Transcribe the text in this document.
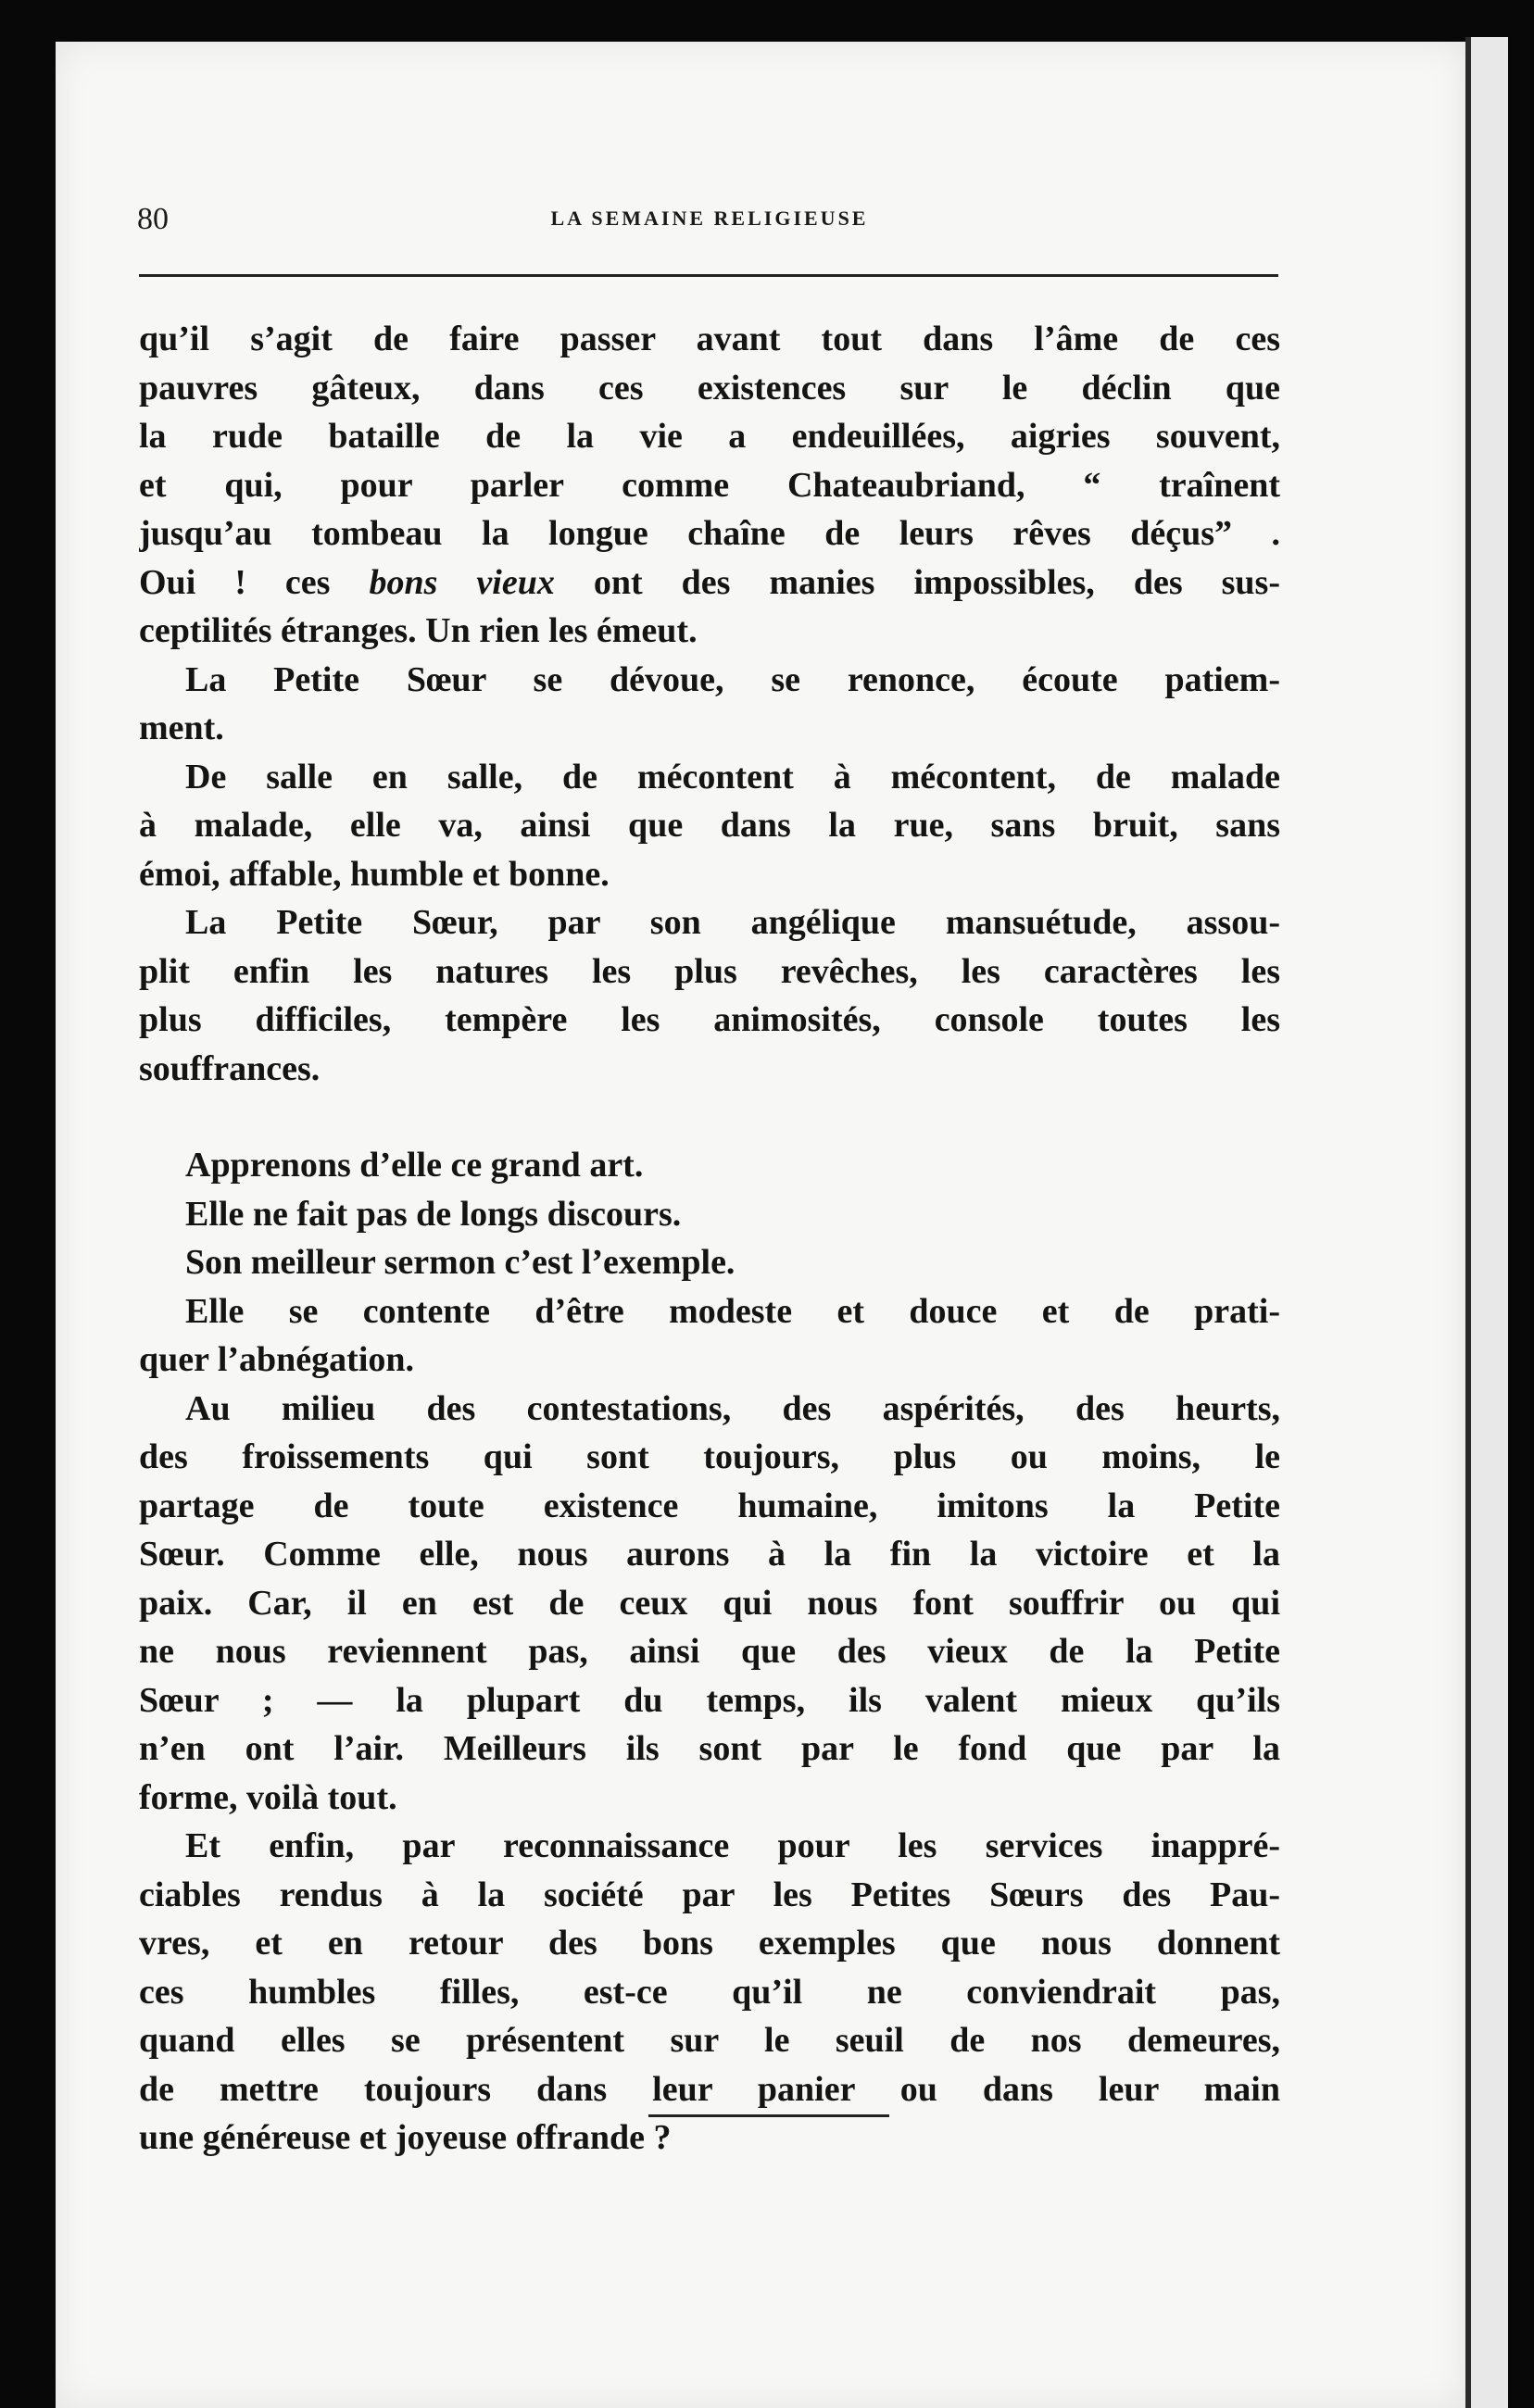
80	LA SEMAINE RELIGIEUSE
qu’il s’agit de faire passer avant tout dans l’âme de ces
pauvres gâteux, dans ces existences sur le déclin que
la rude bataille de la vie a endeuillées, aigries souvent,
et qui, pour parler comme Chateaubriand, “ traînent
jusqu’au tombeau la longue chaîne de leurs rêves déçus” .
Oui ! ces bons vieux ont des manies impossibles, des sus-
ceptilités étranges. Un rien les émeut.
La Petite Sœur se dévoue, se renonce, écoute patiem-
ment.
De salle en salle, de mécontent à mécontent, de malade
à malade, elle va, ainsi que dans la rue, sans bruit, sans
émoi, affable, humble et bonne.
La Petite Sœur, par son angélique mansuétude, assou-
plit enfin les natures les plus revêches, les caractères les
plus difficiles, tempère les animosités, console toutes les
souffrances.
Apprenons d’elle ce grand art.
Elle ne fait pas de longs discours.
Son meilleur sermon c’est l’exemple.
Elle se contente d’être modeste et douce et de prati-
quer l’abnégation.
Au milieu des contestations, des aspérités, des heurts,
des froissements qui sont toujours, plus ou moins, le
partage de toute existence humaine, imitons la Petite
Sœur. Comme elle, nous aurons à la fin la victoire et la
paix. Car, il en est de ceux qui nous font souffrir ou qui
ne nous reviennent pas, ainsi que des vieux de la Petite
Sœur ; — la plupart du temps, ils valent mieux qu’ils
n’en ont l’air. Meilleurs ils sont par le fond que par la
forme, voilà tout.
Et enfin, par reconnaissance pour les services inappré-
ciables rendus à la société par les Petites Sœurs des Pau-
vres, et en retour des bons exemples que nous donnent
ces humbles filles, est-ce qu’il ne conviendrait pas,
quand elles se présentent sur le seuil de nos demeures,
de mettre toujours dans leur panier ou dans leur main
une généreuse et joyeuse offrande ?
